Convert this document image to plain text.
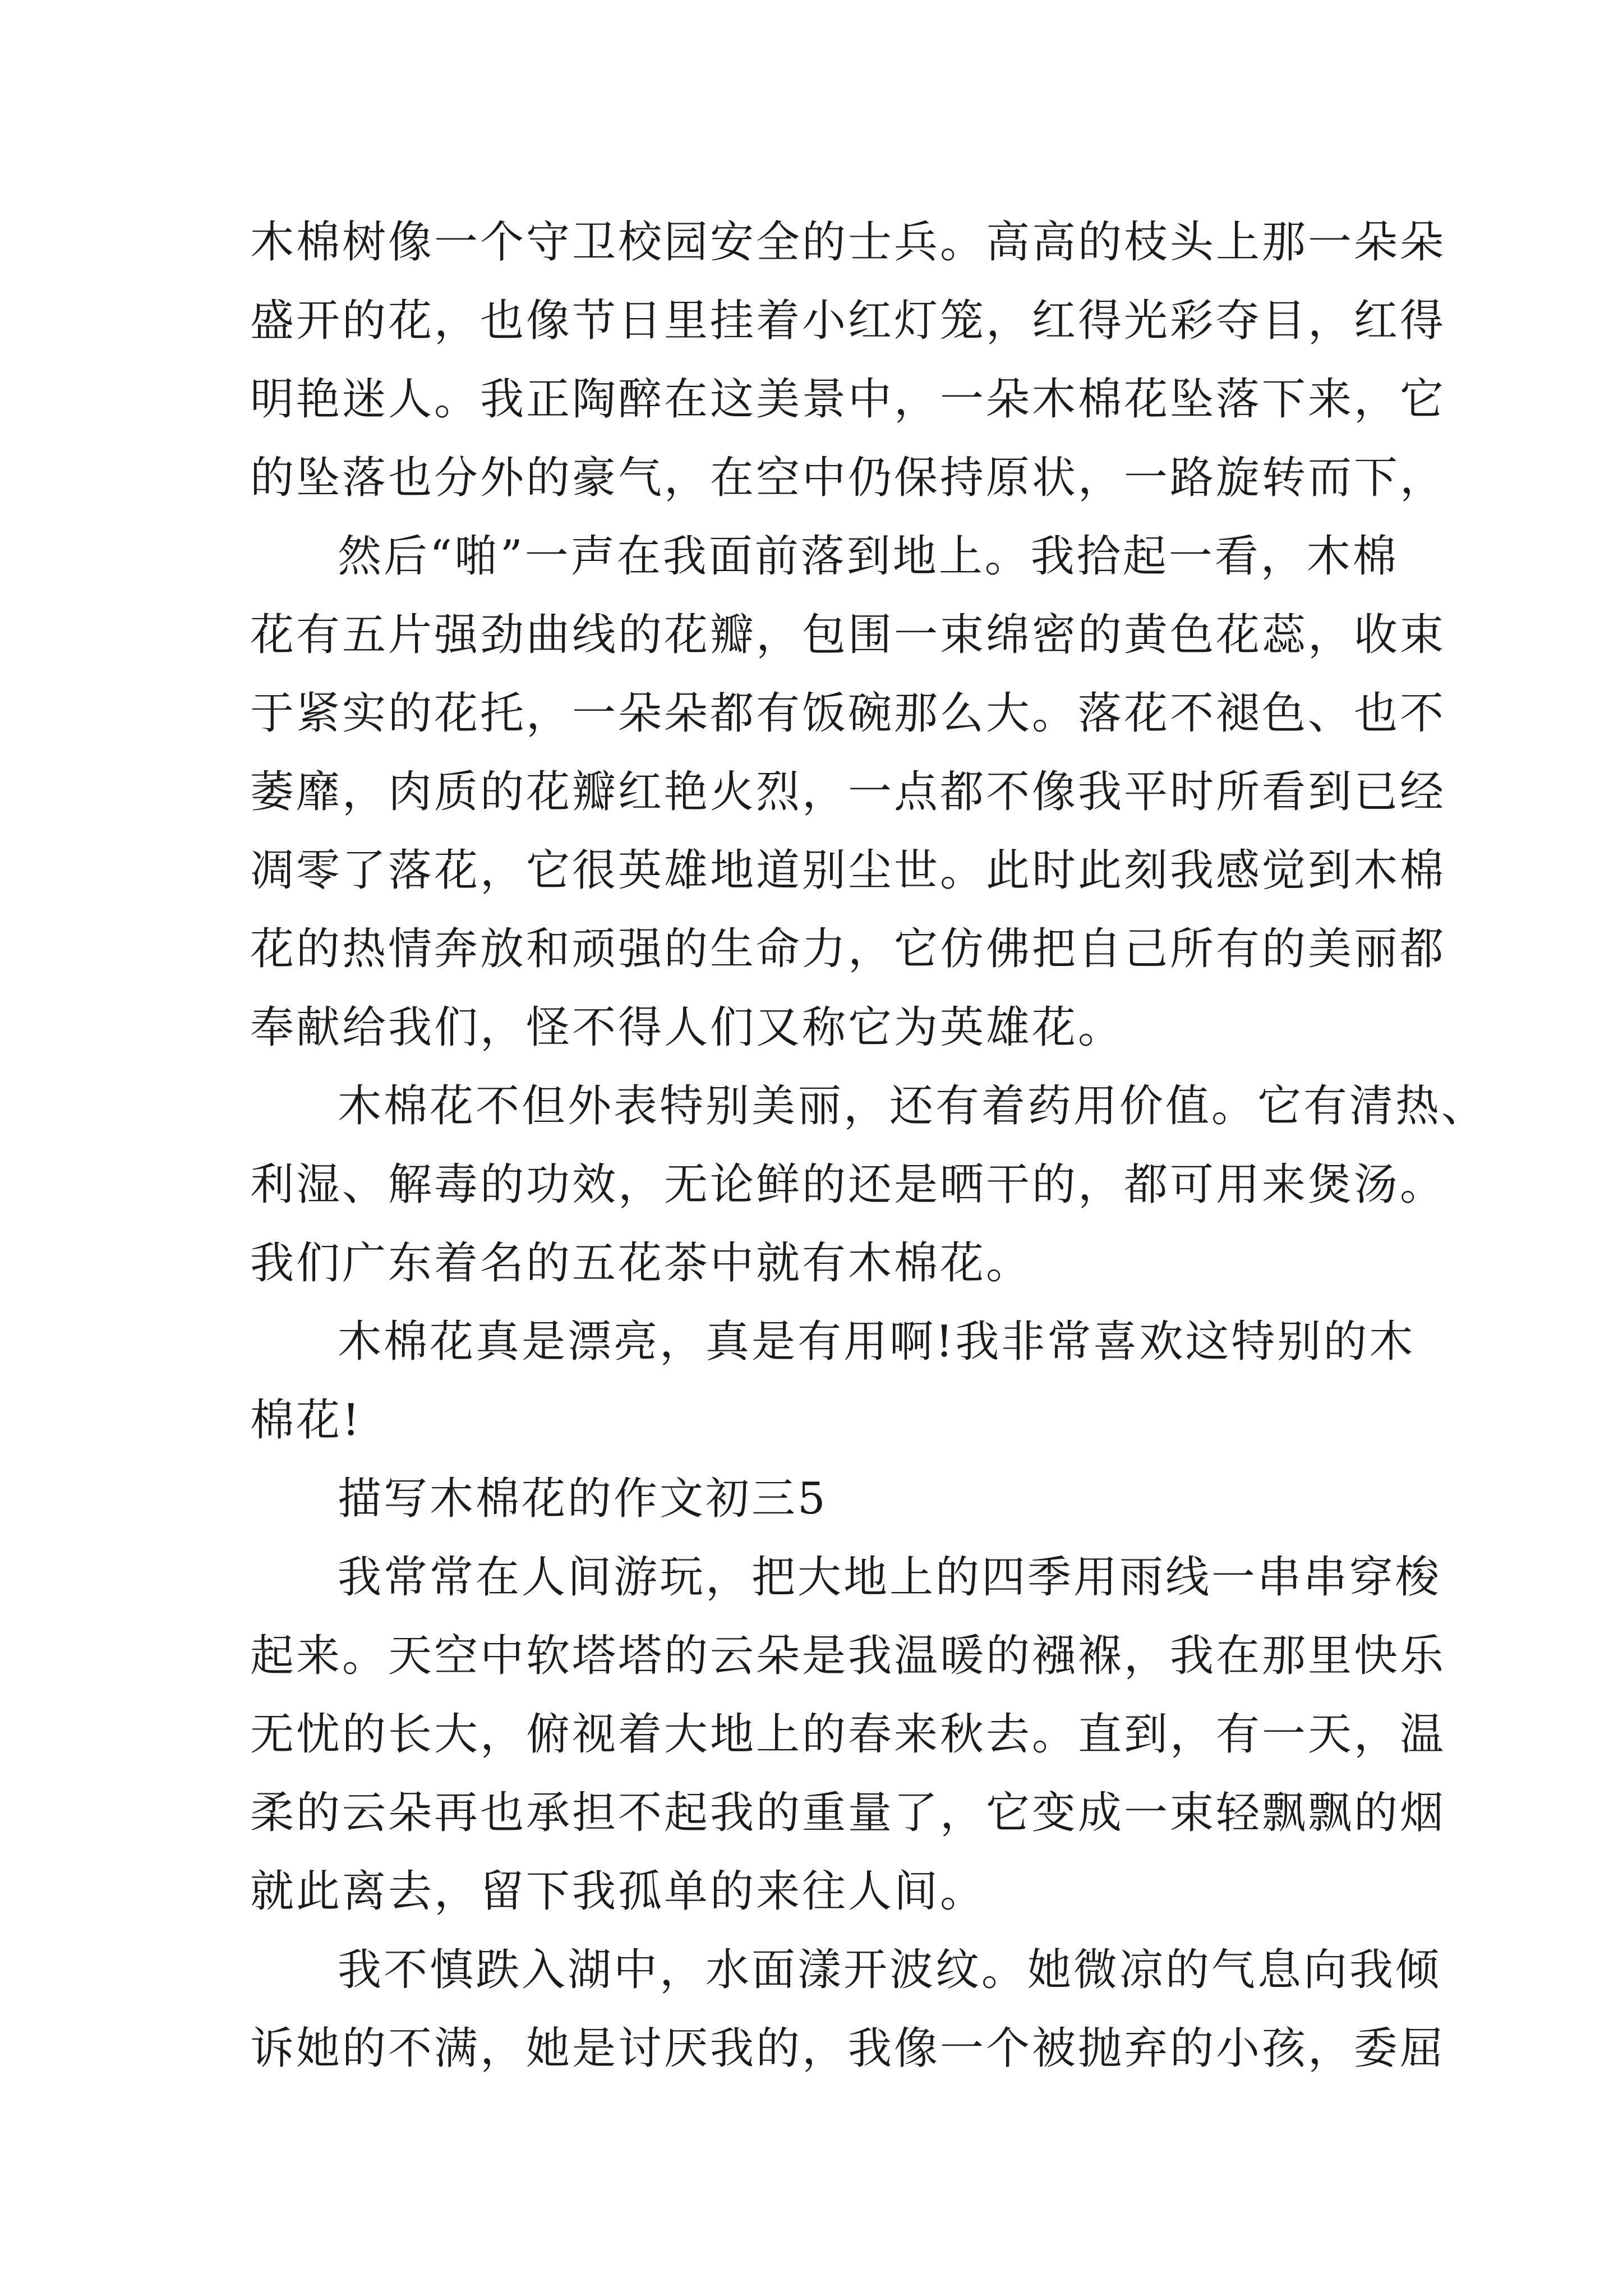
木棉树像一个守卫校园安全的士兵。高高的枝头上那一朵朵
盛开的花，也像节日里挂着小红灯笼，红得光彩夺目，红得
明艳迷人。我正陶醉在这美景中，一朵木棉花坠落下来，它
的坠落也分外的豪气，在空中仍保持原状，一路旋转而下，
然后“啪”一声在我面前落到地上。我拾起一看，木棉
花有五片强劲曲线的花瓣，包围一束绵密的黄色花蕊，收束
于紧实的花托，一朵朵都有饭碗那么大。落花不褪色、也不
萎靡，肉质的花瓣红艳火烈，一点都不像我平时所看到已经
凋零了落花，它很英雄地道别尘世。此时此刻我感觉到木棉
花的热情奔放和顽强的生命力，它仿佛把自己所有的美丽都
奉献给我们，怪不得人们又称它为英雄花。
木棉花不但外表特别美丽，还有着药用价值。它有清热、
利湿、解毒的功效，无论鲜的还是晒干的，都可用来煲汤。
我们广东着名的五花茶中就有木棉花。
木棉花真是漂亮，真是有用啊!我非常喜欢这特别的木
棉花!
描写木棉花的作文初三5
我常常在人间游玩，把大地上的四季用雨线一串串穿梭
起来。天空中软塔塔的云朵是我温暖的襁褓，我在那里快乐
无忧的长大，俯视着大地上的春来秋去。直到，有一天，温
柔的云朵再也承担不起我的重量了，它变成一束轻飘飘的烟
就此离去，留下我孤单的来往人间。
我不慎跌入湖中，水面漾开波纹。她微凉的气息向我倾
诉她的不满，她是讨厌我的，我像一个被抛弃的小孩，委屈
